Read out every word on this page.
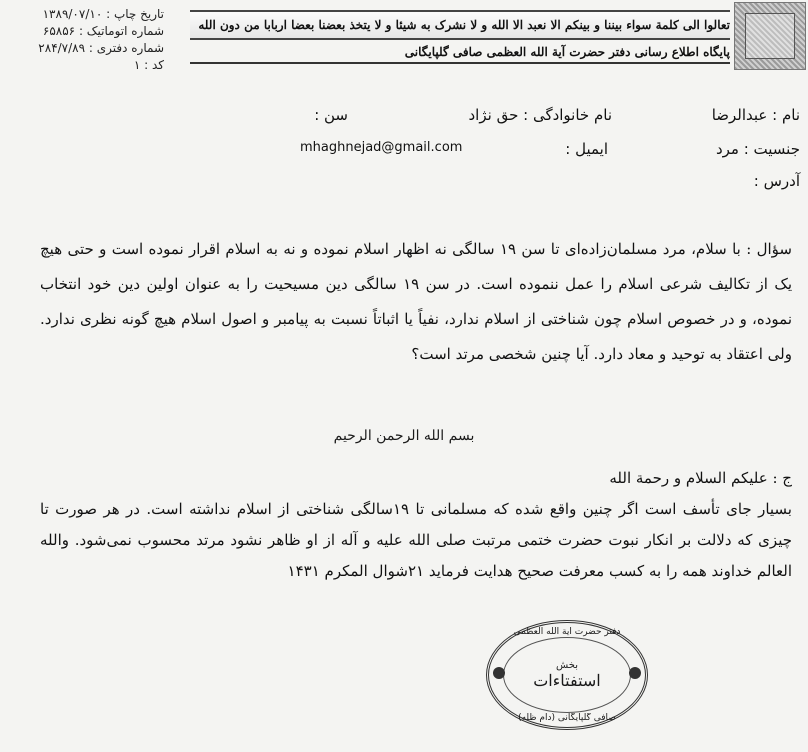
تاریخ چاپ : ۱۳۸۹/۰۷/۱۰
شماره اتوماتیک : ۶۵۸۵۶
شماره دفتری : ۲۸۴/۷/۸۹
کد : ۱
تعالوا الی کلمة سواء بیننا و بینکم الا نعبد الا الله و لا نشرک به شیئا و لا یتخذ بعضنا بعضا اربابا من دون الله
پایگاه اطلاع رسانی دفتر حضرت آیة الله العظمی صافی گلپایگانی
نام : عبدالرضا
نام خانوادگی : حق نژاد
سن :
جنسیت : مرد
ایمیل :
mhaghnejad@gmail.com
آدرس :

سؤال : با سلام، مرد مسلمان‌زاده‌ای تا سن ۱۹ سالگی نه اظهار اسلام نموده و نه به اسلام اقرار نموده است و حتی هیچ یک از تکالیف شرعی اسلام را عمل ننموده است. در سن ۱۹ سالگی دین مسیحیت را به عنوان اولین دین خود انتخاب نموده، و در خصوص اسلام چون شناختی از اسلام ندارد، نفیاً یا اثباتاً نسبت به پیامبر و اصول اسلام هیچ گونه نظری ندارد. ولی اعتقاد به توحید و معاد دارد. آیا چنین شخصی مرتد است؟

بسم الله الرحمن الرحیم
ج : علیکم السلام و رحمة الله

بسیار جای تأسف است اگر چنین واقع شده که مسلمانی تا ۱۹سالگی شناختی از اسلام نداشته است. در هر صورت تا چیزی که دلالت بر انکار نبوت حضرت ختمی مرتبت صلی الله علیه و آله از او ظاهر نشود مرتد محسوب نمی‌شود. والله العالم خداوند همه را به کسب معرفت صحیح هدایت فرماید ۲۱شوال المکرم ۱۴۳۱

دفتر حضرت آیة الله العظمی
بخش
استفتاءات
صافی گلپایگانی (دام ظله)
